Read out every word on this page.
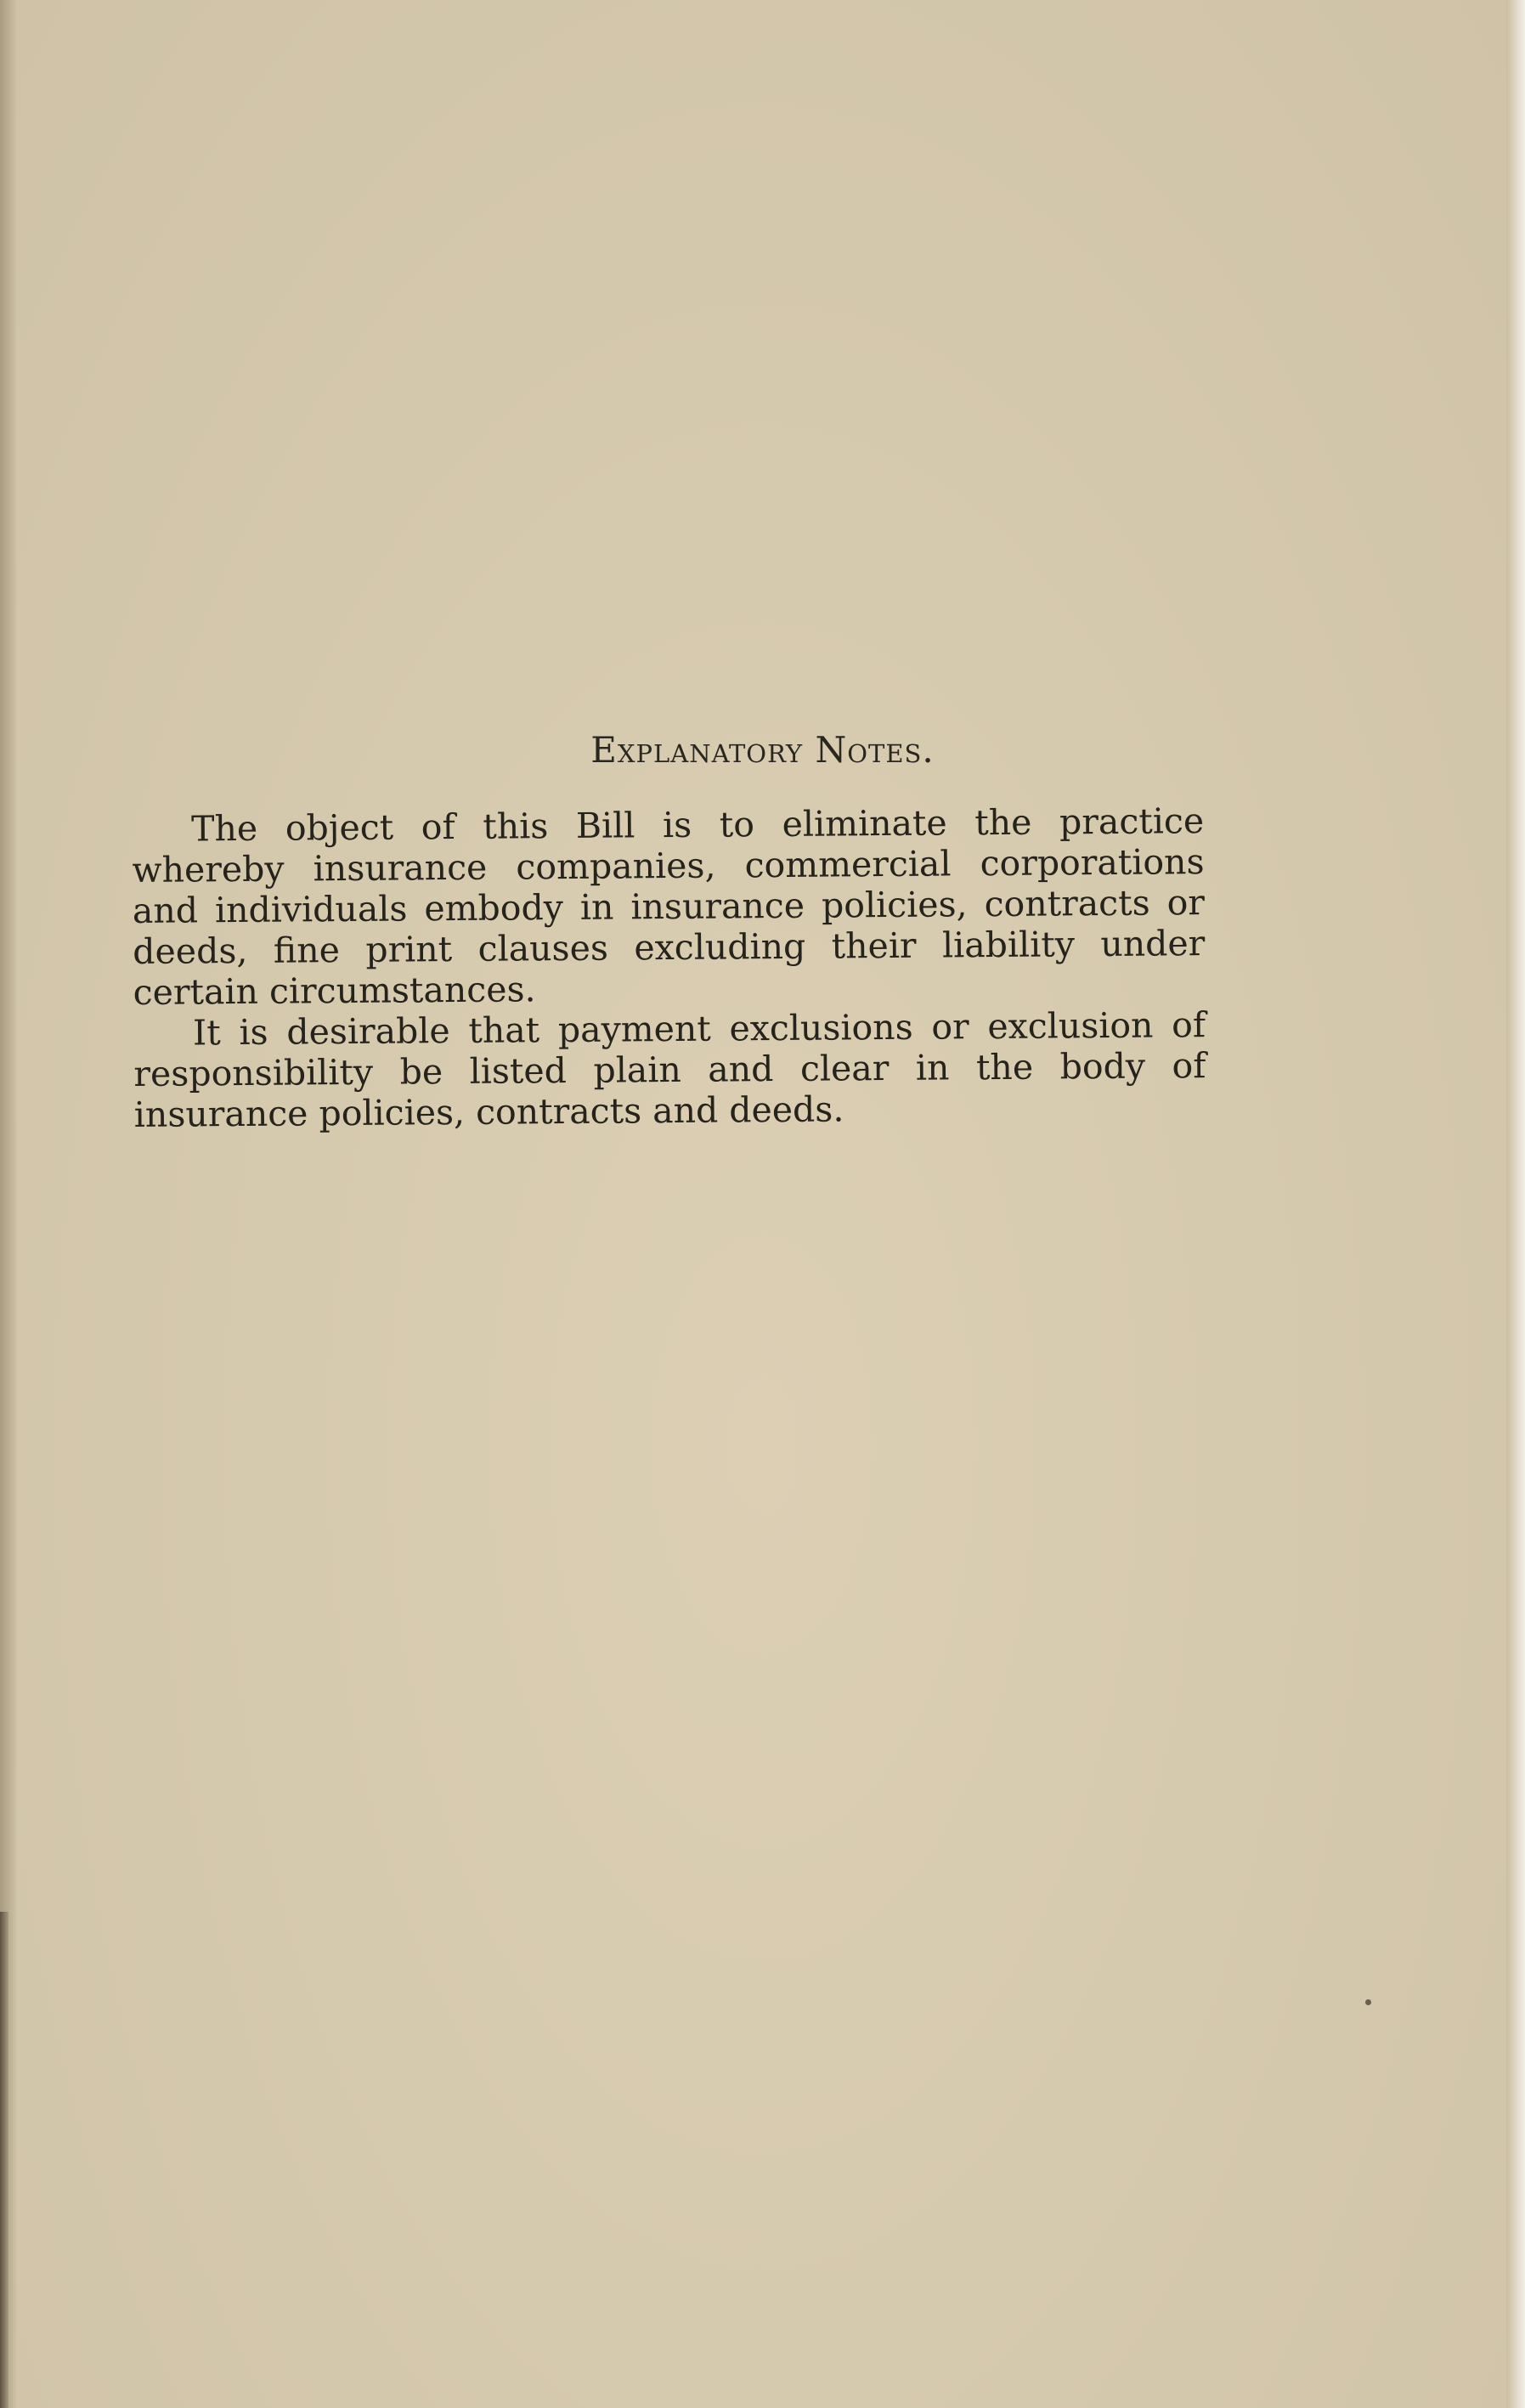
Explanatory Notes.

The object of this Bill is to eliminate the practice whereby insurance companies, commercial corporations and individuals embody in insurance policies, contracts or deeds, fine print clauses excluding their liability under certain circumstances.

It is desirable that payment exclusions or exclusion of responsibility be listed plain and clear in the body of insurance policies, contracts and deeds.
